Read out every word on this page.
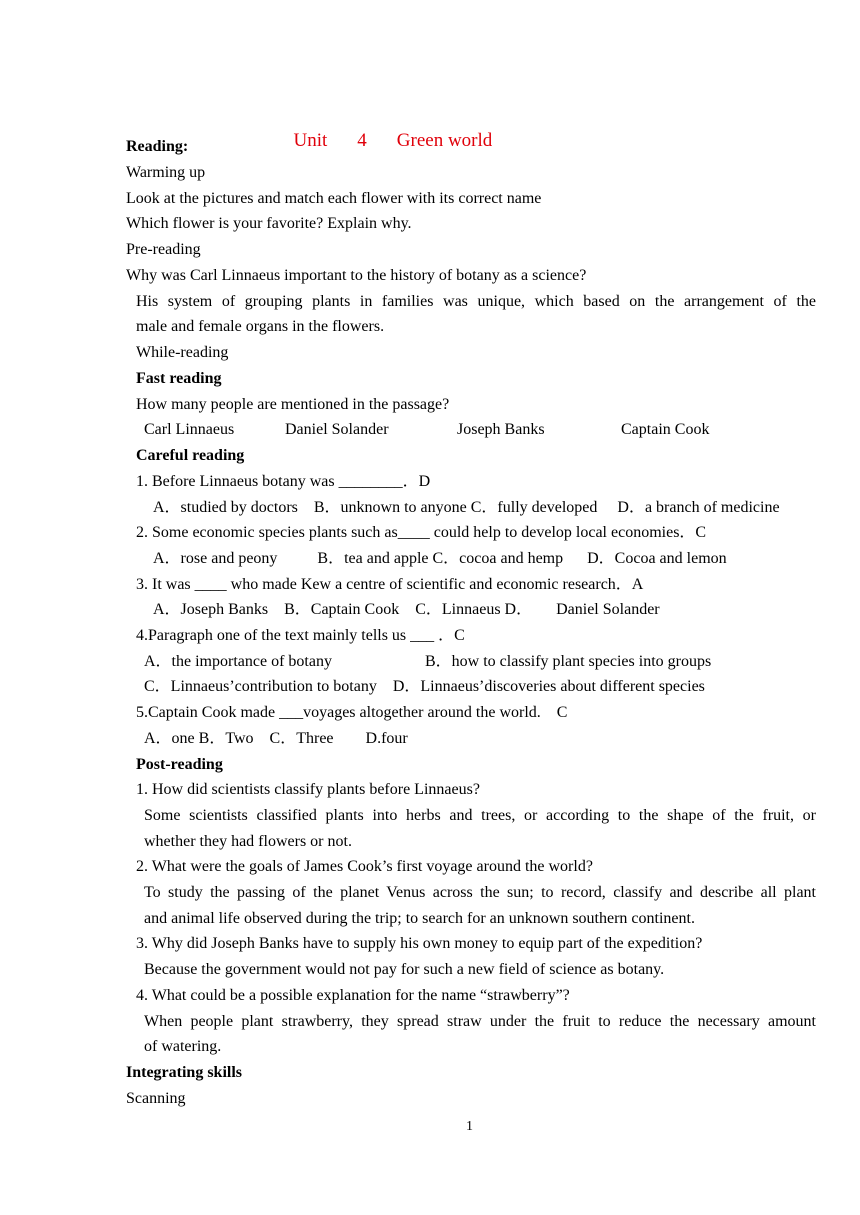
Unit 4 Green world

Reading:
Warming up
Look at the pictures and match each flower with its correct name
Which flower is your favorite? Explain why.
Pre-reading
Why was Carl Linnaeus important to the history of botany as a science?
His system of grouping plants in families was unique, which based on the arrangement of the
male and female organs in the flowers.
While-reading
Fast reading
How many people are mentioned in the passage?
Carl Linnaeus	Daniel Solander	Joseph Banks	Captain Cook
Careful reading
1. Before Linnaeus botany was ________．D
A．studied by doctors    B．unknown to anyone C．fully developed     D．a branch of medicine
2. Some economic species plants such as____ could help to develop local economies．C
A．rose and peony          B．tea and apple C．cocoa and hemp      D．Cocoa and lemon
3. It was ____ who made Kew a centre of scientific and economic research．A
A．Joseph Banks    B．Captain Cook    C．Linnaeus D．      Daniel Solander
4.Paragraph one of the text mainly tells us ___ ．C
A．the importance of botany	B．how to classify plant species into groups
C．Linnaeus’contribution to botany    D．Linnaeus’discoveries about different species
5.Captain Cook made ___voyages altogether around the world.    C
A．one B．Two    C．Three        D.four
Post-reading
1. How did scientists classify plants before Linnaeus?
Some scientists classified plants into herbs and trees, or according to the shape of the fruit, or
whether they had flowers or not.
2. What were the goals of James Cook’s first voyage around the world?
To study the passing of the planet Venus across the sun; to record, classify and describe all plant
and animal life observed during the trip; to search for an unknown southern continent.
3. Why did Joseph Banks have to supply his own money to equip part of the expedition?
Because the government would not pay for such a new field of science as botany.
4. What could be a possible explanation for the name “strawberry”?
When people plant strawberry, they spread straw under the fruit to reduce the necessary amount
of watering.
Integrating skills
Scanning
1
